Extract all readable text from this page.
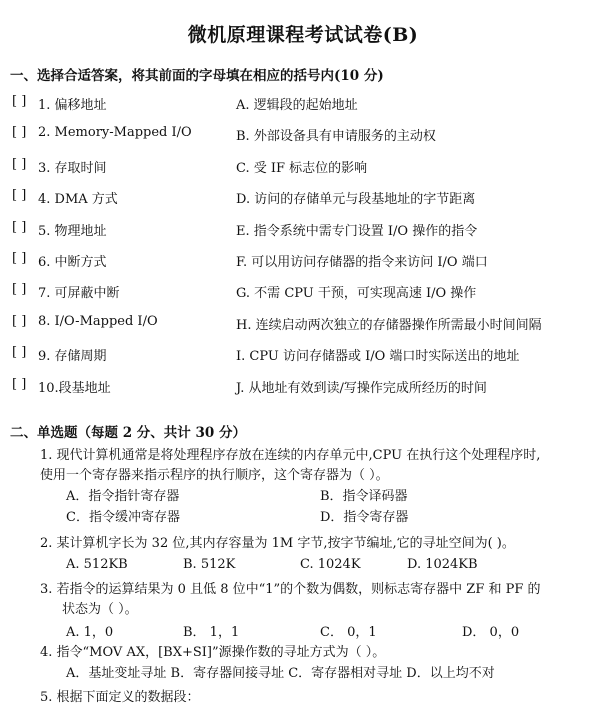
微机原理课程考试试卷(B)
一、选择合适答案，将其前面的字母填在相应的括号内(10 分)
[ ] 1. 偏移地址	A. 逻辑段的起始地址
[ ] 2. Memory-Mapped I/O	B. 外部设备具有申请服务的主动权
[ ] 3. 存取时间	C. 受 IF 标志位的影响
[ ] 4. DMA 方式	D. 访问的存储单元与段基地址的字节距离
[ ] 5. 物理地址	E. 指令系统中需专门设置 I/O 操作的指令
[ ] 6. 中断方式	F. 可以用访问存储器的指令来访问 I/O 端口
[ ] 7. 可屏蔽中断	G. 不需 CPU 干预，可实现高速 I/O 操作
[ ] 8. I/O-Mapped I/O	H. 连续启动两次独立的存储器操作所需最小时间间隔
[ ] 9. 存储周期	I. CPU 访问存储器或 I/O 端口时实际送出的地址
[ ] 10.段基地址	J. 从地址有效到读/写操作完成所经历的时间
二、单选题（每题 2 分、共计 30 分）
1. 现代计算机通常是将处理程序存放在连续的内存单元中,CPU 在执行这个处理程序时,
使用一个寄存器来指示程序的执行顺序，这个寄存器为（ ）。
A．指令指针寄存器	B．指令译码器
C．指令缓冲寄存器	D．指令寄存器
2. 某计算机字长为 32 位,其内存容量为 1M 字节,按字节编址,它的寻址空间为( )。
A. 512KB	B. 512K	C. 1024K	D. 1024KB
3. 若指令的运算结果为 0 且低 8 位中“1”的个数为偶数，则标志寄存器中 ZF 和 PF 的
状态为（ ）。
A. 1，0	B． 1，1	C． 0，1	D． 0，0
4. 指令“MOV AX，[BX+SI]”源操作数的寻址方式为（ ）。
A．基址变址寻址 B．寄存器间接寻址 C．寄存器相对寻址 D．以上均不对
5. 根据下面定义的数据段：
